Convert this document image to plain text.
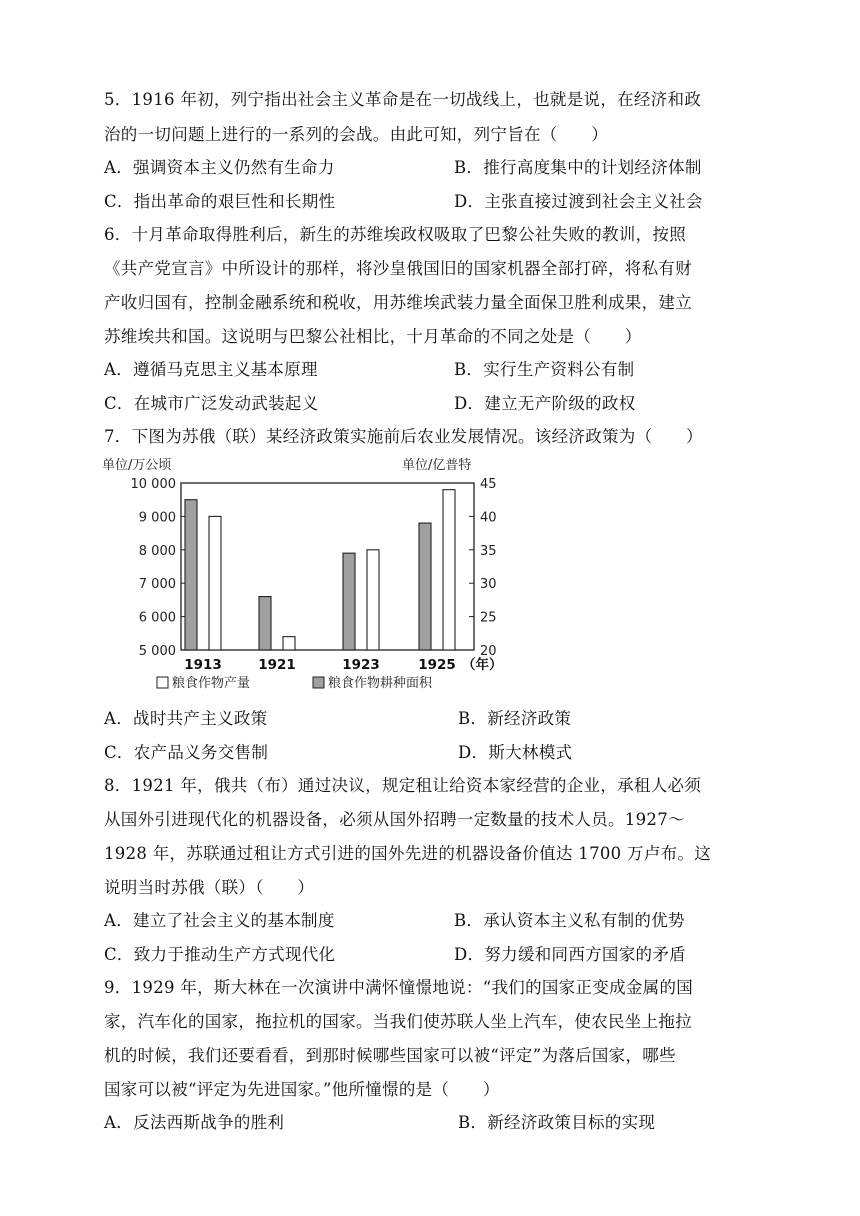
5．1916 年初，列宁指出社会主义革命是在一切战线上，也就是说，在经济和政
治的一切问题上进行的一系列的会战。由此可知，列宁旨在（　　）
A．强调资本主义仍然有生命力	B．推行高度集中的计划经济体制
C．指出革命的艰巨性和长期性	D．主张直接过渡到社会主义社会
6．十月革命取得胜利后，新生的苏维埃政权吸取了巴黎公社失败的教训，按照
《共产党宣言》中所设计的那样，将沙皇俄国旧的国家机器全部打碎，将私有财
产收归国有，控制金融系统和税收，用苏维埃武装力量全面保卫胜利成果，建立
苏维埃共和国。这说明与巴黎公社相比，十月革命的不同之处是（　　）
A．遵循马克思主义基本原理	B．实行生产资料公有制
C．在城市广泛发动武装起义	D．建立无产阶级的政权
7．下图为苏俄（联）某经济政策实施前后农业发展情况。该经济政策为（　　）
单位/万公顷	单位/亿普特
10 000
9 000
8 000
7 000
6 000
5 000
45
40
35
30
25
20
1913	1921	1923	1925 （年）
粮食作物产量	粮食作物耕种面积
A．战时共产主义政策	B．新经济政策
C．农产品义务交售制	D．斯大林模式
8．1921 年，俄共（布）通过决议，规定租让给资本家经营的企业，承租人必须
从国外引进现代化的机器设备，必须从国外招聘一定数量的技术人员。1927～
1928 年，苏联通过租让方式引进的国外先进的机器设备价值达 1700 万卢布。这
说明当时苏俄（联）（　　）
A．建立了社会主义的基本制度	B．承认资本主义私有制的优势
C．致力于推动生产方式现代化	D．努力缓和同西方国家的矛盾
9．1929 年，斯大林在一次演讲中满怀憧憬地说：“我们的国家正变成金属的国
家，汽车化的国家，拖拉机的国家。当我们使苏联人坐上汽车，使农民坐上拖拉
机的时候，我们还要看看，到那时候哪些国家可以被“评定”为落后国家，哪些
国家可以被“评定为先进国家。”他所憧憬的是（　　）
A．反法西斯战争的胜利	B．新经济政策目标的实现
